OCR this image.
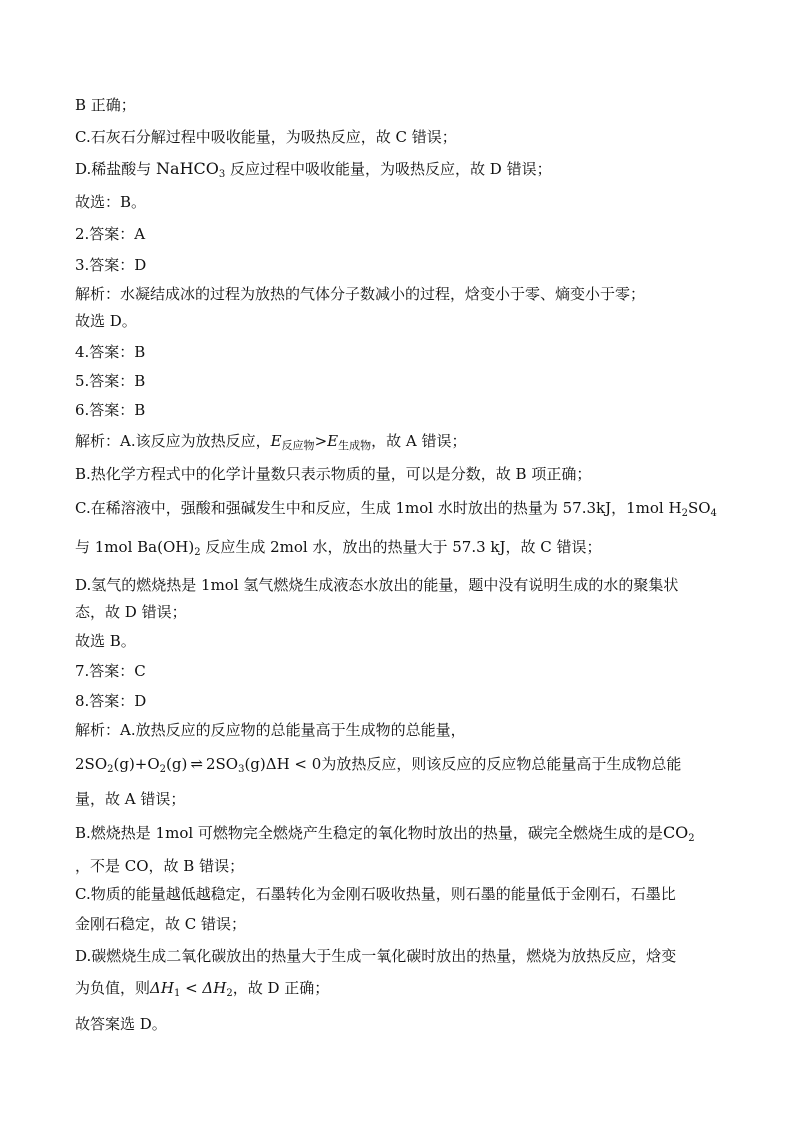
B 正确；
C.石灰石分解过程中吸收能量，为吸热反应，故 C 错误；
D.稀盐酸与 NaHCO$_3$ 反应过程中吸收能量，为吸热反应，故 D 错误；
故选：B。
2.答案：A
3.答案：D
解析：水凝结成冰的过程为放热的气体分子数减小的过程，焓变小于零、熵变小于零；
故选 D。
4.答案：B
5.答案：B
6.答案：B
解析：A.该反应为放热反应，$E_{反应物}>E_{生成物}$，故 A 错误；
B.热化学方程式中的化学计量数只表示物质的量，可以是分数，故 B 项正确；
C.在稀溶液中，强酸和强碱发生中和反应，生成 1mol 水时放出的热量为 57.3kJ，1mol $H_2SO_4$
与 1mol $Ba(OH)_2$ 反应生成 2mol 水，放出的热量大于 57.3 kJ，故 C 错误；
D.氢气的燃烧热是 1mol 氢气燃烧生成液态水放出的能量，题中没有说明生成的水的聚集状
态，故 D 错误；
故选 B。
7.答案：C
8.答案：D
解析：A.放热反应的反应物的总能量高于生成物的总能量，
$2SO_2(g)+O_2(g)$ ⇌ $2SO_3(g)\Delta H < 0$为放热反应，则该反应的反应物总能量高于生成物总能
量，故 A 错误；
B.燃烧热是 1mol 可燃物完全燃烧产生稳定的氧化物时放出的热量，碳完全燃烧生成的是$CO_2$
，不是 CO，故 B 错误；
C.物质的能量越低越稳定，石墨转化为金刚石吸收热量，则石墨的能量低于金刚石，石墨比
金刚石稳定，故 C 错误；
D.碳燃烧生成二氧化碳放出的热量大于生成一氧化碳时放出的热量，燃烧为放热反应，焓变
为负值，则$\Delta H_1 < \Delta H_2$，故 D 正确；
故答案选 D。
